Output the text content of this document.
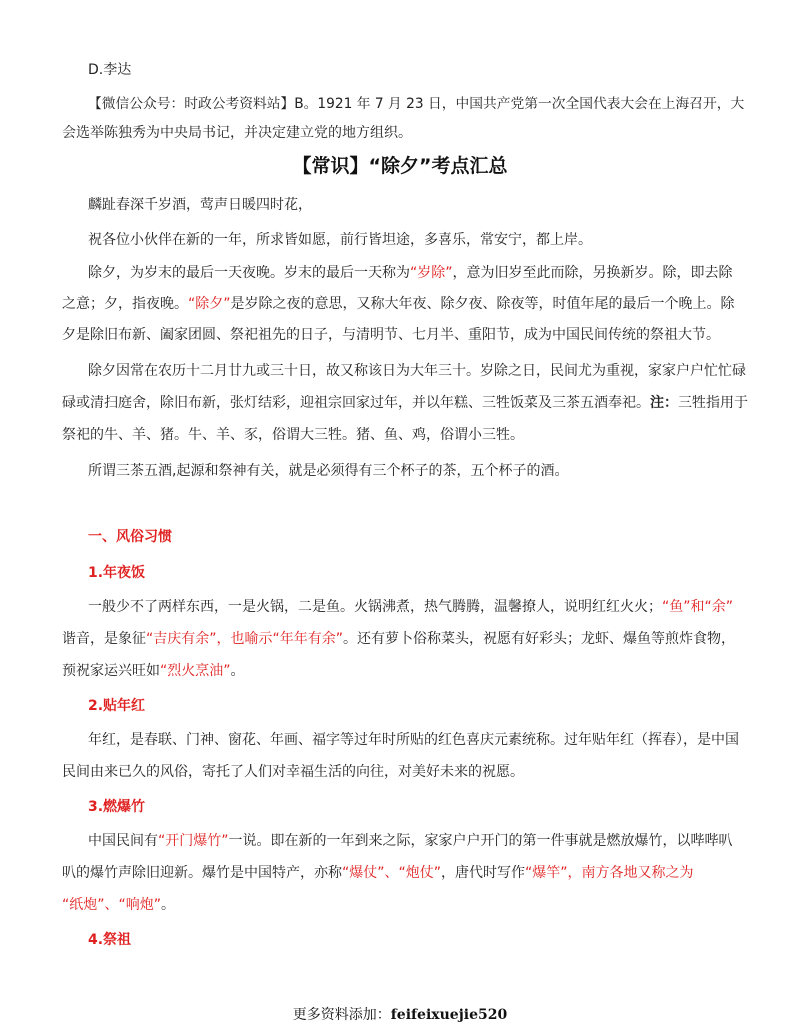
D.李达
【微信公众号：时政公考资料站】B。1921 年 7 月 23 日，中国共产党第一次全国代表大会在上海召开，大
会选举陈独秀为中央局书记，并决定建立党的地方组织。
【常识】“除夕”考点汇总
麟趾春深千岁酒，莺声日暖四时花，
祝各位小伙伴在新的一年，所求皆如愿，前行皆坦途，多喜乐，常安宁，都上岸。
除夕，为岁末的最后一天夜晚。岁末的最后一天称为“岁除”，意为旧岁至此而除，另换新岁。除，即去除
之意；夕，指夜晚。“除夕”是岁除之夜的意思，又称大年夜、除夕夜、除夜等，时值年尾的最后一个晚上。除
夕是除旧布新、阖家团圆、祭祀祖先的日子，与清明节、七月半、重阳节，成为中国民间传统的祭祖大节。
除夕因常在农历十二月廿九或三十日，故又称该日为大年三十。岁除之日，民间尤为重视，家家户户忙忙碌
碌或清扫庭舍，除旧布新，张灯结彩，迎祖宗回家过年，并以年糕、三牲饭菜及三茶五酒奉祀。注：三牲指用于
祭祀的牛、羊、猪。牛、羊、豕，俗谓大三牲。猪、鱼、鸡，俗谓小三牲。
所谓三茶五酒,起源和祭神有关，就是必须得有三个杯子的茶，五个杯子的酒。
一、风俗习惯
1.年夜饭
一般少不了两样东西，一是火锅，二是鱼。火锅沸煮，热气腾腾，温馨撩人，说明红红火火；“鱼”和“余”
谐音，是象征“吉庆有余”，也喻示“年年有余”。还有萝卜俗称菜头，祝愿有好彩头；龙虾、爆鱼等煎炸食物，
预祝家运兴旺如“烈火烹油”。
2.贴年红
年红，是春联、门神、窗花、年画、福字等过年时所贴的红色喜庆元素统称。过年贴年红（挥春），是中国
民间由来已久的风俗，寄托了人们对幸福生活的向往，对美好未来的祝愿。
3.燃爆竹
中国民间有“开门爆竹”一说。即在新的一年到来之际，家家户户开门的第一件事就是燃放爆竹，以哔哔叭
叭的爆竹声除旧迎新。爆竹是中国特产，亦称“爆仗”、“炮仗”，唐代时写作“爆竿”，南方各地又称之为
“纸炮”、“响炮”。
4.祭祖
更多资料添加：feifeixuejie520
